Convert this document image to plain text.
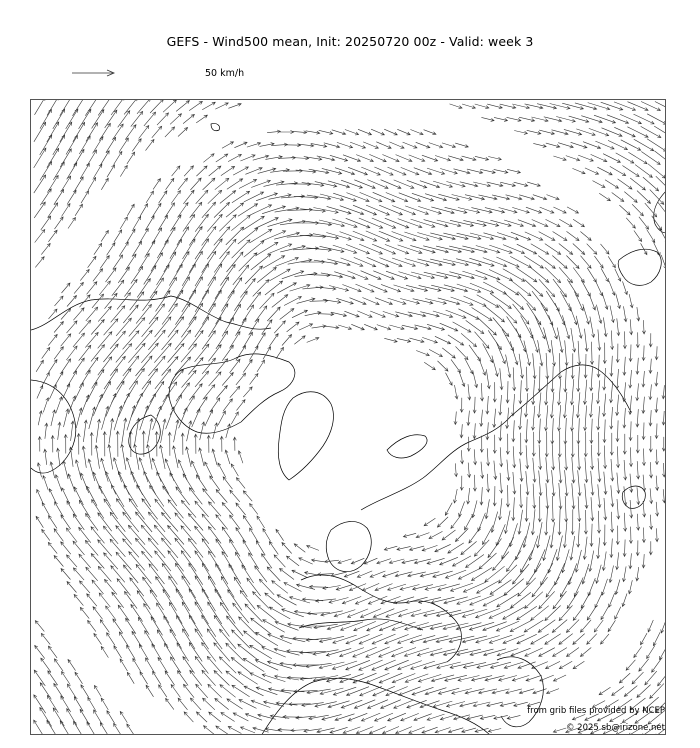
GEFS - Wind500 mean, Init: 20250720 00z - Valid: week 3
50 km/h
from grib files provided by NCEP
© 2025 sb@irizone.net
